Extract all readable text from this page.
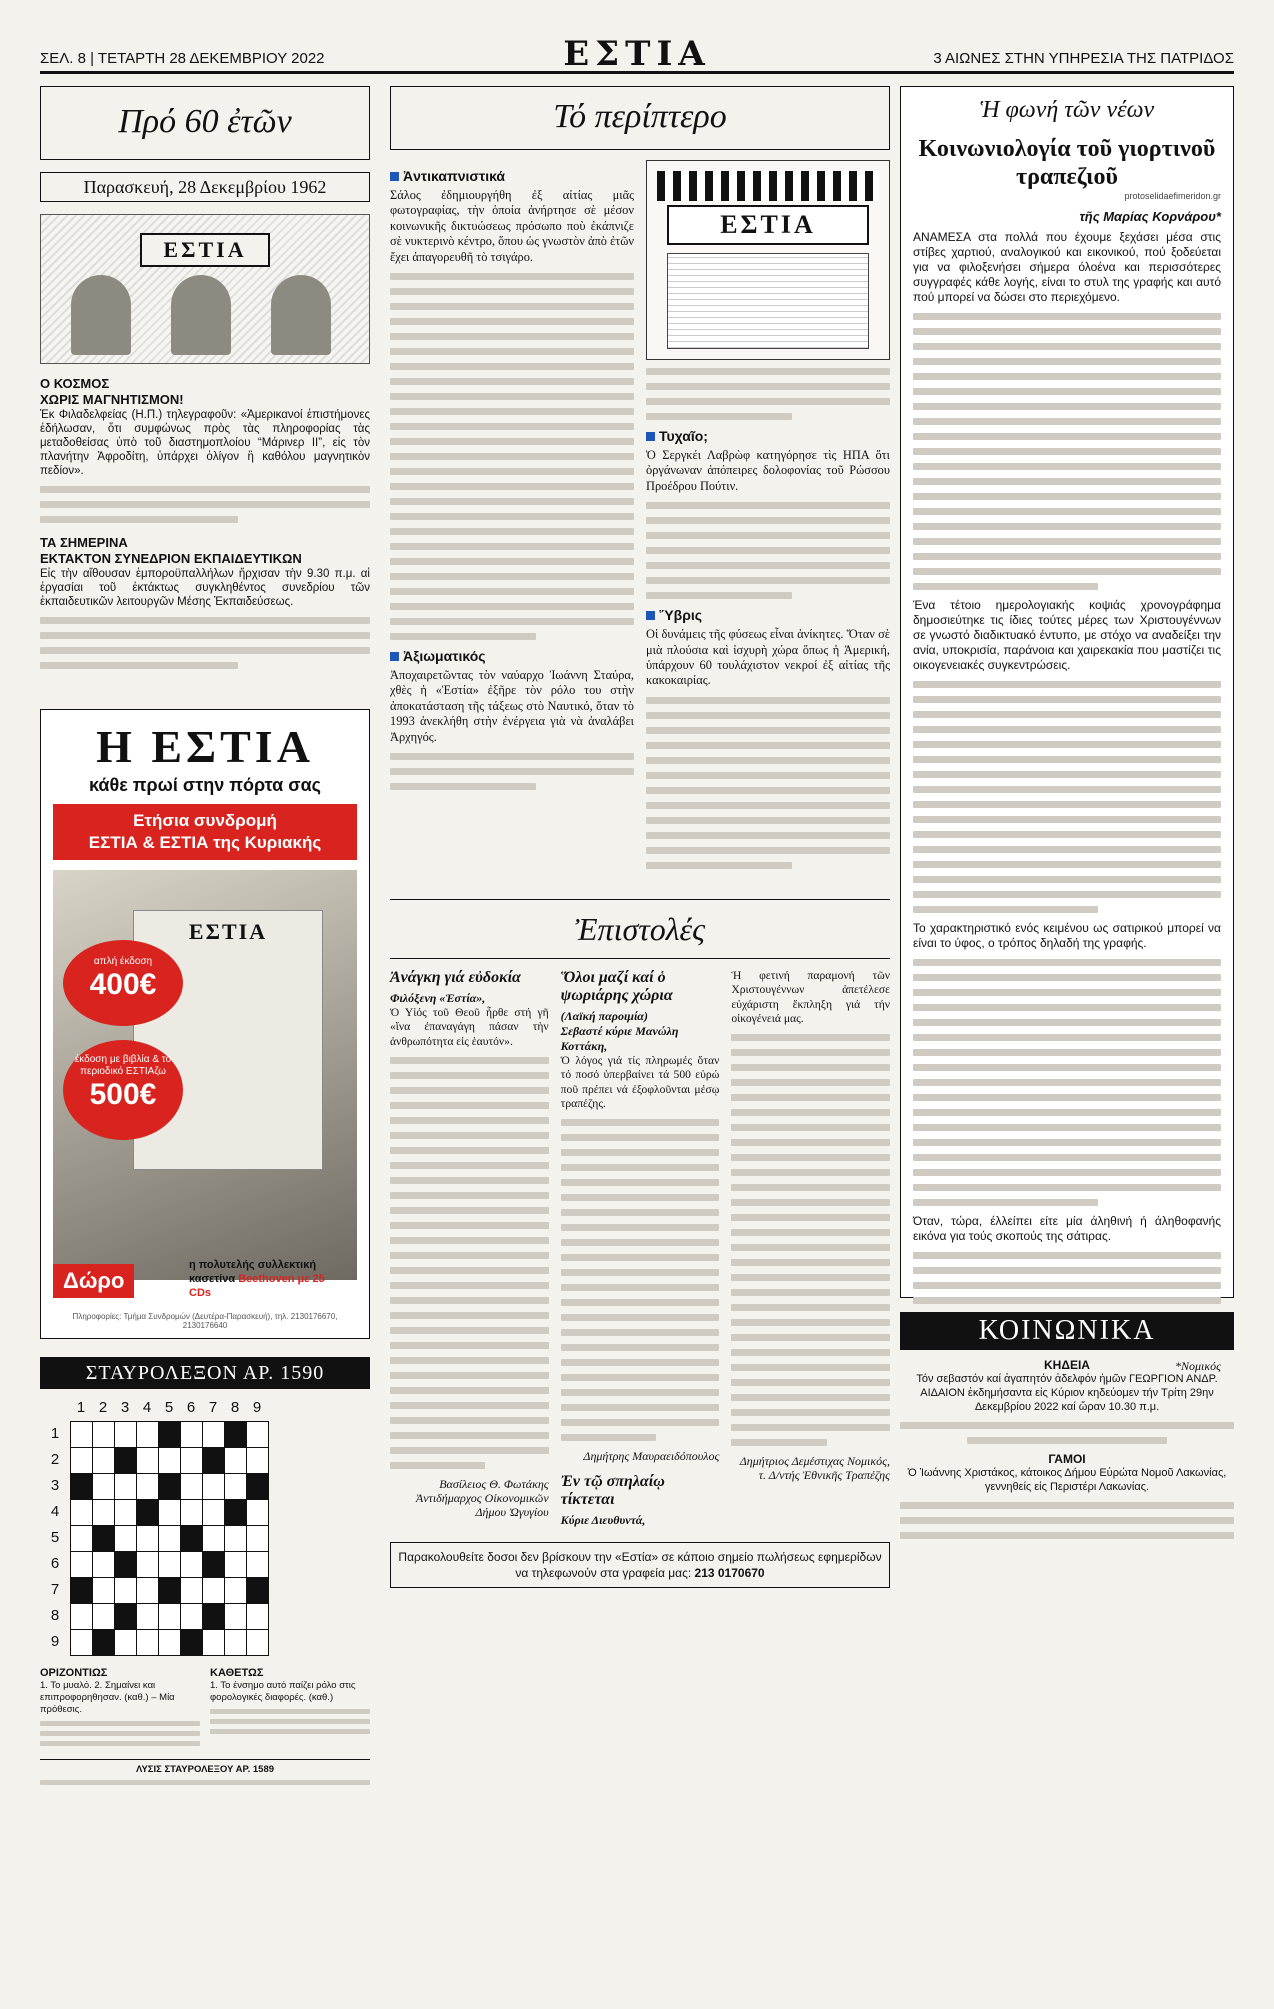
ΣΕΛ. 8 | ΤΕΤΑΡΤΗ 28 ΔΕΚΕΜΒΡΙΟΥ 2022	ΕΣΤΙΑ	3 ΑΙΩΝΕΣ ΣΤΗΝ ΥΠΗΡΕΣΙΑ ΤΗΣ ΠΑΤΡΙΔΟΣ
Πρό 60 ἐτῶν
Παρασκευή, 28 Δεκεμβρίου 1962
ΕΣΤΙΑ
Ο ΚΟΣΜΟΣ
ΧΩΡΙΣ ΜΑΓΝΗΤΙΣΜΟΝ!

Ἐκ Φιλαδελφείας (Η.Π.) τηλεγραφοῦν: «Ἀμερικανοί ἐπιστήμονες ἐδήλωσαν, ὅτι συμφώνως πρὸς τὰς πληροφορίας τὰς μεταδοθείσας ὑπὸ τοῦ διαστημοπλοίου “Μάρινερ ΙΙ”, εἰς τὸν πλανήτην Ἀφροδίτη, ὑπάρχει ὀλίγον ἢ καθόλου μαγνητικὸν πεδίον».

ΤΑ ΣΗΜΕΡΙΝΑ
ΕΚΤΑΚΤΟΝ ΣΥΝΕΔΡΙΟΝ ΕΚΠΑΙΔΕΥΤΙΚΩΝ

Εἰς τὴν αἴθουσαν ἐμποροϋπαλλήλων ἤρχισαν τὴν 9.30 π.μ. αἱ ἐργασίαι τοῦ ἐκτάκτως συγκληθέντος συνεδρίου τῶν ἐκπαιδευτικῶν λειτουργῶν Μέσης Ἐκπαιδεύσεως.

Η ΕΣΤΙΑ
κάθε πρωί στην πόρτα σας
Ετήσια συνδρομή
ΕΣΤΙΑ & ΕΣΤΙΑ της Κυριακής
ΕΣΤΙΑ
απλή έκδοση
400€
έκδοση με βιβλία & το περιοδικό ΕΣΤΙΑζω
500€
Δώρο
η πολυτελής συλλεκτική κασετίνα Beethoven με 25 CDs
Πληροφορίες: Τμήμα Συνδρομών (Δευτέρα-Παρασκευή), τηλ. 2130176670, 2130176640
ΣΤΑΥΡΟΛΕΞΟΝ ΑΡ. 1590
1 2 3 4 5 6 7 8 9
1
2
3
4
5
6
7
8
9
ΟΡΙΖΟΝΤΙΩΣ
1. Το μυαλό. 2. Σημαίνει και επιπροφορηθησαν. (καθ.) – Μία πρόθεσις.
ΚΑΘΕΤΩΣ
1. Το ένσημο αυτό παίζει ρόλο στις φορολογικές διαφορές. (καθ.)
ΛΥΣΙΣ ΣΤΑΥΡΟΛΕΞΟΥ ΑΡ. 1589
Τό περίπτερο
Ἀντικαπνιστικά

Σάλος ἐδημιουργήθη ἐξ αἰτίας μιᾶς φωτογραφίας, τὴν ὁποία ἀνήρτησε σὲ μέσον κοινωνικῆς δικτυώσεως πρόσωπο ποὺ ἐκάπνιζε σὲ νυκτερινὸ κέντρο, ὅπου ὡς γνωστὸν ἀπὸ ἐτῶν ἔχει ἀπαγορευθῆ τὸ τσιγάρο.

Ἀξιωματικός

Ἀποχαιρετῶντας τὸν ναύαρχο Ἰωάννη Σταύρα, χθὲς ἡ «Ἑστία» ἐξῆρε τὸν ρόλο του στὴν ἀποκατάσταση τῆς τάξεως στὸ Ναυτικό, ὅταν τὸ 1993 ἀνεκλήθη στὴν ἐνέργεια γιὰ νὰ ἀναλάβει Ἀρχηγός.

ΕΣΤΙΑ
Τυχαῖο;

Ὁ Σεργκέι Λαβρὼφ κατηγόρησε τὶς ΗΠΑ ὅτι ὀργάνωναν ἀπόπειρες δολοφονίας τοῦ Ρώσσου Προέδρου Πούτιν.

Ὕβρις

Οἱ δυνάμεις τῆς φύσεως εἶναι ἀνίκητες. Ὅταν σὲ μιὰ πλούσια καὶ ἰσχυρὴ χώρα ὅπως ἡ Ἀμερική, ὑπάρχουν 60 τουλάχιστον νεκροί ἐξ αἰτίας τῆς κακοκαιρίας.

Ἐπιστολές
Ἀνάγκη γιά εὐδοκία
Φιλόξενη «Ἑστία»,

Ὁ Υἱός τοῦ Θεοῦ ἦρθε στή γῆ «ἵνα ἐπαναγάγη πάσαν τὴν ἀνθρωπότητα εἰς ἑαυτόν».

Βασίλειος Θ. Φωτάκης Ἀντιδήμαρχος Οἰκονομικῶν Δήμου Ὠγυγίου
Ὅλοι μαζί καί ὁ ψωριάρης χώρια
(Λαϊκή παροιμία)
Σεβαστέ κύριε Μανώλη Κοττάκη,

Ὁ λόγος γιά τίς πληρωμές ὅταν τό ποσό ὑπερβαίνει τά 500 εὐρώ ποῦ πρέπει νά ἐξοφλοῦνται μέσῳ τραπέζης.

Δημήτρης Μαυραειδόπουλος
Ἐν τῷ σπηλαίῳ τίκτεται
Κύριε Διευθυντά,

Ἡ φετινή παραμονή τῶν Χριστουγέννων ἀπετέλεσε εὐχάριστη ἔκπληξη γιά τήν οἰκογένειά μας.

Δημήτριος Δεμέστιχας Νομικός, τ. Δ/ντής Ἐθνικῆς Τραπέζης
Παρακολουθείτε δοσοι δεν βρίσκουν την «Εστία» σε κάποιο σημείο πωλήσεως εφημερίδων να τηλεφωνούν στα γραφεία μας: 213 0170670
Ἡ φωνή τῶν νέων
Κοινωνιολογία τοῦ γιορτινοῦ τραπεζιοῦ
protoselidaefimeridon.gr
τῆς Μαρίας Κορνάρου*

ΑΝΑΜΕΣΑ στα πολλά που έχουμε ξεχάσει μέσα στις στίβες χαρτιού, αναλογικού και εικονικού, πού ξοδεύεται για να φιλοξενήσει σήμερα όλοένα και περισσότερες συγγραφές κάθε λογής, είναι το στυλ της γραφής και αυτό πού μπορεί να δώσει στο περιεχόμενο.

Ένα τέτοιο ημερολογιακής κοψιάς χρονογράφημα δημοσιεύτηκε τις ίδιες τούτες μέρες των Χριστουγέννων σε γνωστό διαδικτυακό έντυπο, με στόχο να αναδείξει την ανία, υποκρισία, παράνοια και χαιρεκακία που μαστίζει τις οικογενειακές συγκεντρώσεις.

Το χαρακτηριστικό ενός κειμένου ως σατιρικού μπορεί να είναι το ύφος, ο τρόπος δηλαδή της γραφής.

Όταν, τώρα, έλλείπει είτε μία άληθινή ή άληθοφανής εικόνα για τούς σκοπούς της σάτιρας.

*Νομικός
ΚΟΙΝΩΝΙΚΑ
ΚΗΔΕΙΑ

Τόν σεβαστόν καί ἀγαπητόν ἀδελφόν ἡμῶν ΓΕΩΡΓΙΟΝ ΑΝΔΡ. ΑΙΔΑΙΟΝ ἐκδημήσαντα εἰς Κύριον κηδεύομεν τήν Τρίτη 29ην Δεκεμβρίου 2022 καί ὥραν 10.30 π.μ.

ΓΑΜΟΙ

Ὁ Ἰωάννης Χριστάκος, κάτοικος Δήμου Εὐρώτα Νομοῦ Λακωνίας, γεννηθείς εἰς Περιστέρι Λακωνίας.
